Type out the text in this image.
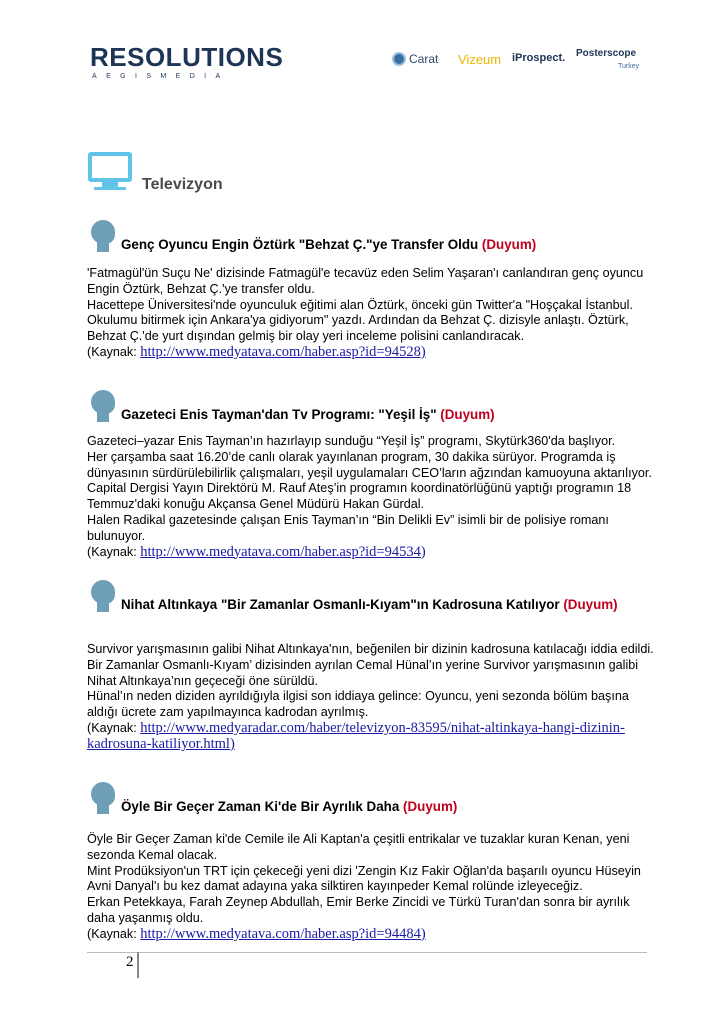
RESOLUTIONS
AEGISMEDIA
Carat Vizeum iProspect. Posterscope
Turkey
Televizyon
Genç Oyuncu Engin Öztürk "Behzat Ç."ye Transfer Oldu (Duyum)

'Fatmagül'ün Suçu Ne' dizisinde Fatmagül'e tecavüz eden Selim Yaşaran'ı canlandıran genç oyuncu Engin Öztürk, Behzat Ç.'ye transfer oldu.

Hacettepe Üniversitesi'nde oyunculuk eğitimi alan Öztürk, önceki gün Twitter'a "Hoşçakal İstanbul. Okulumu bitirmek için Ankara'ya gidiyorum" yazdı. Ardından da Behzat Ç. dizisyle anlaştı. Öztürk, Behzat Ç.'de yurt dışından gelmiş bir olay yeri inceleme polisini canlandıracak.

(Kaynak: http://www.medyatava.com/haber.asp?id=94528)

Gazeteci Enis Tayman'dan Tv Programı: "Yeşil İş" (Duyum)

Gazeteci–yazar Enis Tayman’ın hazırlayıp sunduğu “Yeşil İş” programı, Skytürk360'da başlıyor.

Her çarşamba saat 16.20’de canlı olarak yayınlanan program, 30 dakika sürüyor. Programda iş dünyasının sürdürülebilirlik çalışmaları, yeşil uygulamaları CEO’ların ağzından kamuoyuna aktarılıyor. Capital Dergisi Yayın Direktörü M. Rauf Ateş’in programın koordinatörlüğünü yaptığı programın 18 Temmuz'daki konuğu Akçansa Genel Müdürü Hakan Gürdal.

Halen Radikal gazetesinde çalışan Enis Tayman’ın “Bin Delikli Ev” isimli bir de polisiye romanı bulunuyor.

(Kaynak: http://www.medyatava.com/haber.asp?id=94534)

Nihat Altınkaya "Bir Zamanlar Osmanlı-Kıyam"ın Kadrosuna Katılıyor (Duyum)

Survivor yarışmasının galibi Nihat Altınkaya'nın, beğenilen bir dizinin kadrosuna katılacağı iddia edildi. Bir Zamanlar Osmanlı-Kıyam’ dizisinden ayrılan Cemal Hünal’ın yerine Survivor yarışmasının galibi Nihat Altınkaya’nın geçeceği öne sürüldü.

Hünal’ın neden diziden ayrıldığıyla ilgisi son iddiaya gelince: Oyuncu, yeni sezonda bölüm başına aldığı ücrete zam yapılmayınca kadrodan ayrılmış.

(Kaynak: http://www.medyaradar.com/haber/televizyon-83595/nihat-altinkaya-hangi-dizinin-kadrosuna-katiliyor.html)

Öyle Bir Geçer Zaman Ki'de Bir Ayrılık Daha (Duyum)

Öyle Bir Geçer Zaman ki'de Cemile ile Ali Kaptan'a çeşitli entrikalar ve tuzaklar kuran Kenan, yeni sezonda Kemal olacak.

Mint Prodüksiyon'un TRT için çekeceği yeni dizi 'Zengin Kız Fakir Oğlan'da başarılı oyuncu Hüseyin Avni Danyal'ı bu kez damat adayına yaka silktiren kayınpeder Kemal rolünde izleyeceğiz.

Erkan Petekkaya, Farah Zeynep Abdullah, Emir Berke Zincidi ve Türkü Turan'dan sonra bir ayrılık daha yaşanmış oldu.

(Kaynak: http://www.medyatava.com/haber.asp?id=94484)

2
